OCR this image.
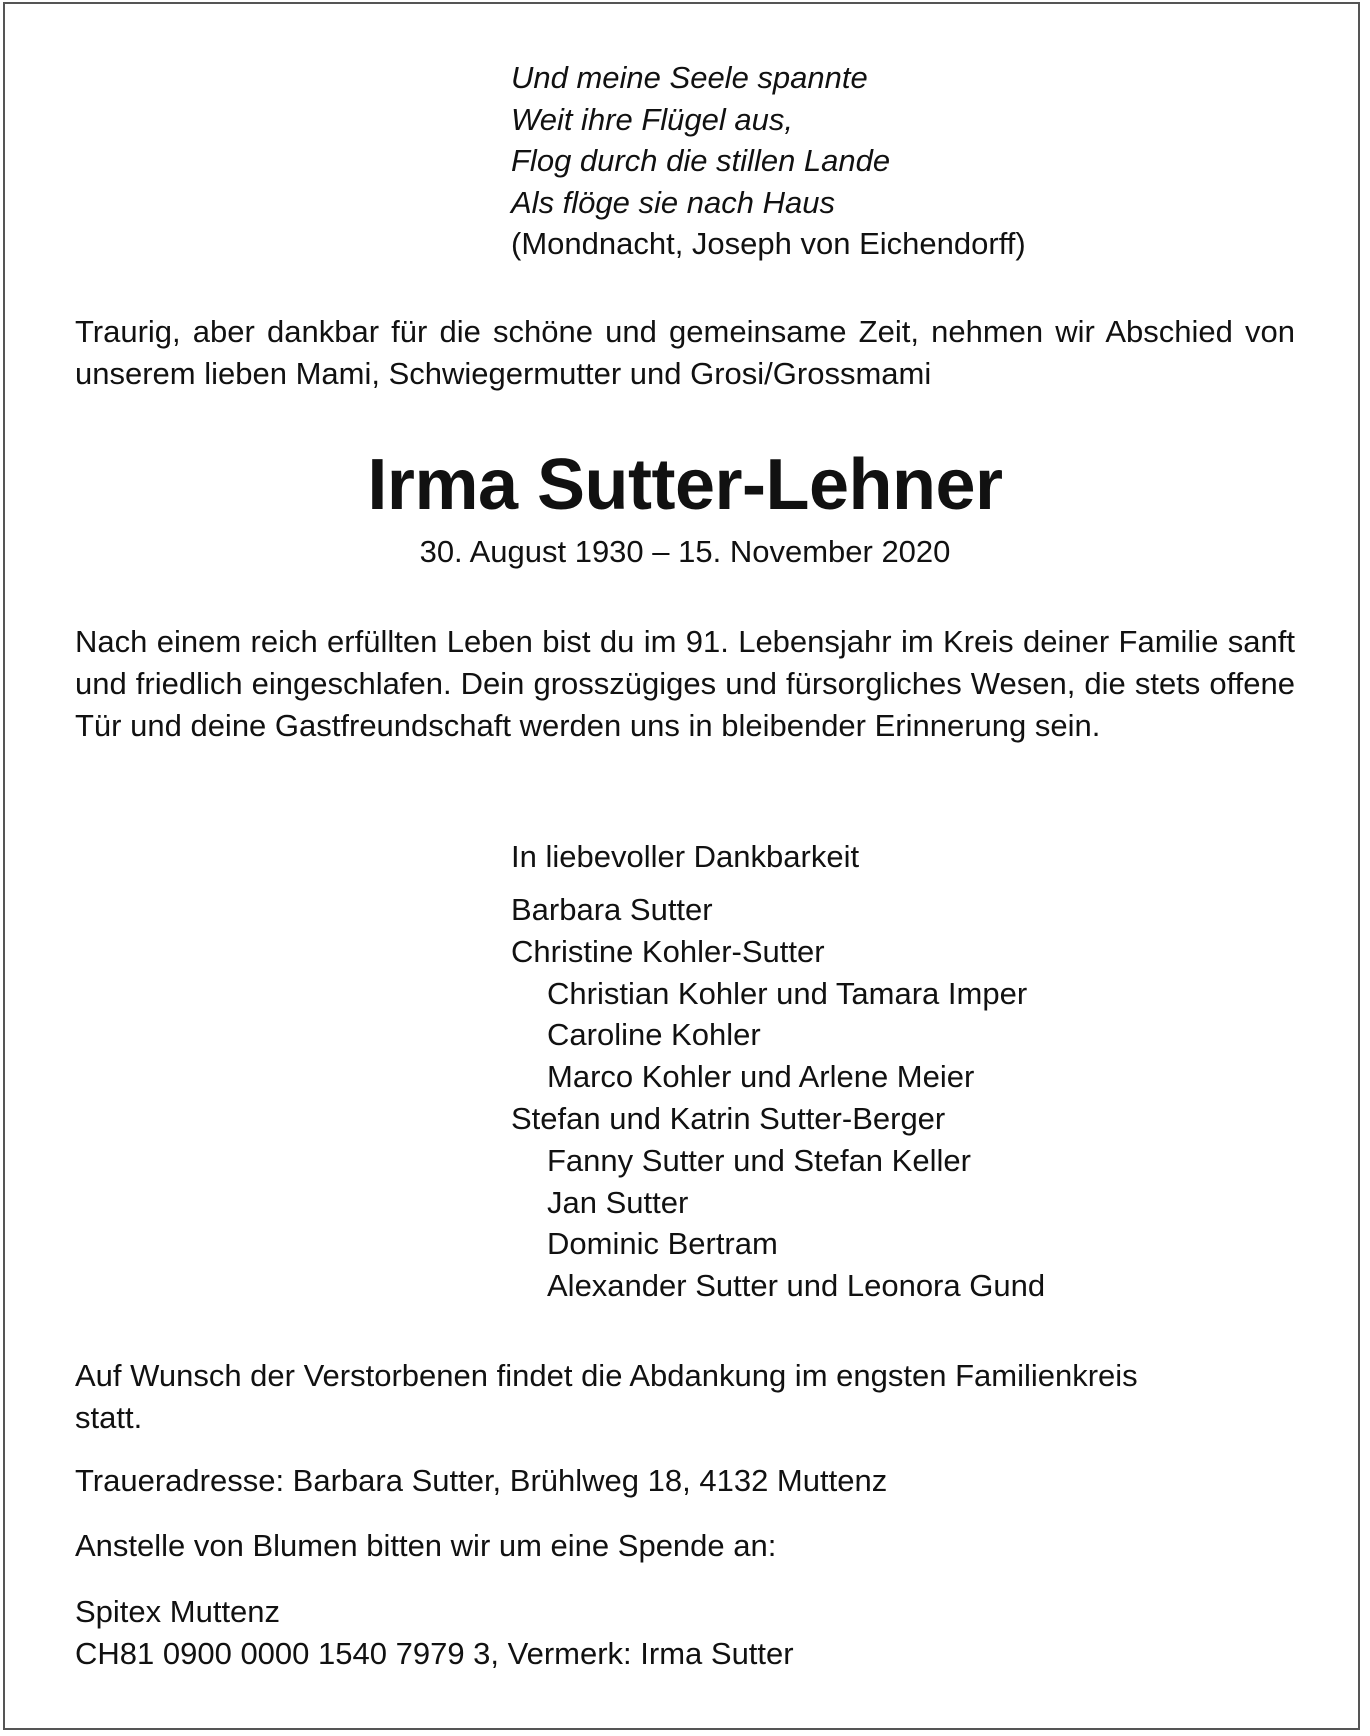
Und meine Seele spannte
Weit ihre Flügel aus,
Flog durch die stillen Lande
Als flöge sie nach Haus
(Mondnacht, Joseph von Eichendorff)
Traurig, aber dankbar für die schöne und gemeinsame Zeit, nehmen wir Abschied von unserem lieben Mami, Schwiegermutter und Grosi/Grossmami
Irma Sutter-Lehner
30. August 1930 – 15. November 2020
Nach einem reich erfüllten Leben bist du im 91. Lebensjahr im Kreis deiner Familie sanft und friedlich eingeschlafen. Dein grosszügiges und fürsorgliches Wesen, die stets offene Tür und deine Gastfreundschaft werden uns in bleibender Erinnerung sein.
In liebevoller Dankbarkeit
Barbara Sutter
Christine Kohler-Sutter
Christian Kohler und Tamara Imper
Caroline Kohler
Marco Kohler und Arlene Meier
Stefan und Katrin Sutter-Berger
Fanny Sutter und Stefan Keller
Jan Sutter
Dominic Bertram
Alexander Sutter und Leonora Gund
Auf Wunsch der Verstorbenen findet die Abdankung im engsten Familienkreis
statt.
Traueradresse: Barbara Sutter, Brühlweg 18, 4132 Muttenz
Anstelle von Blumen bitten wir um eine Spende an:
Spitex Muttenz
CH81 0900 0000 1540 7979 3, Vermerk: Irma Sutter
